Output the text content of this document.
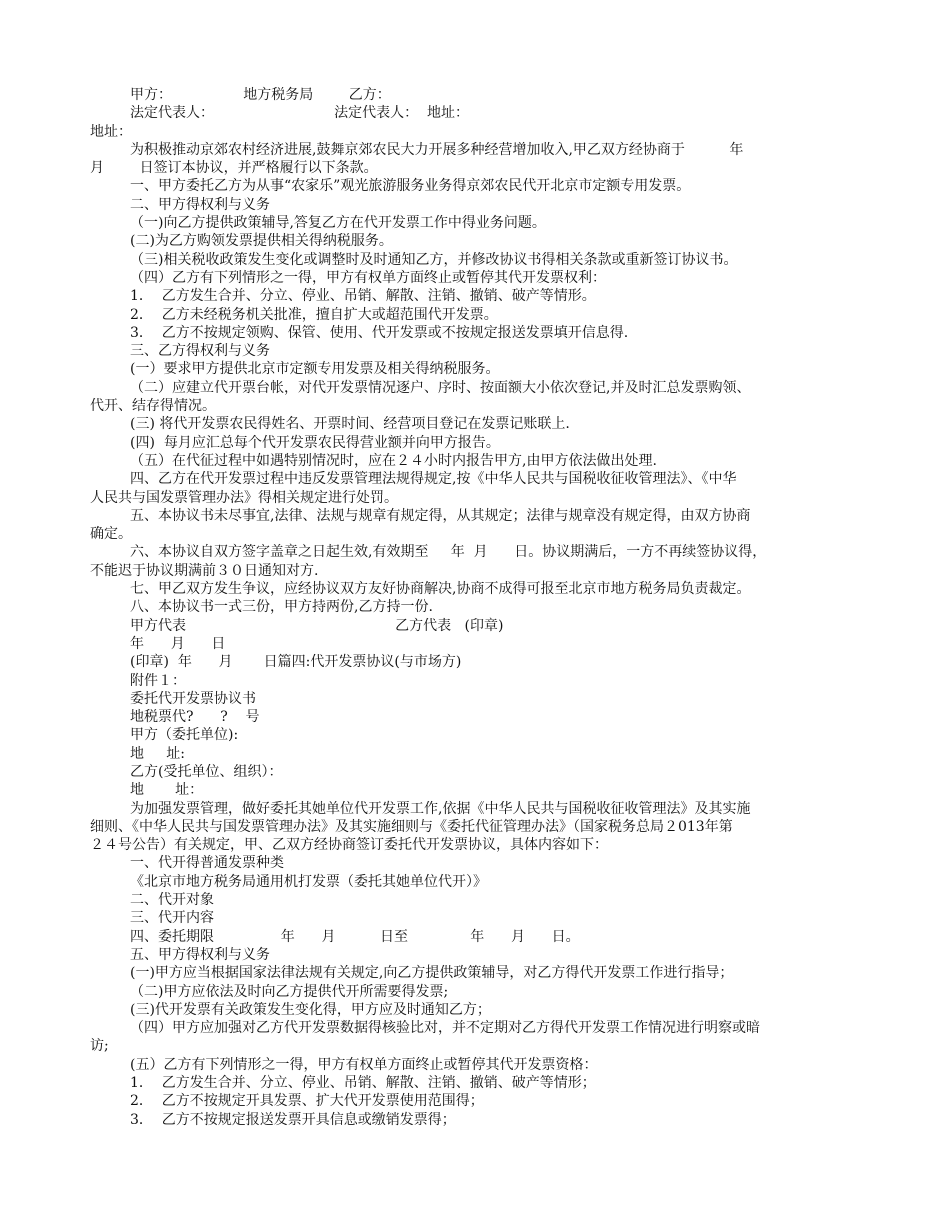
甲方：                地方税务局        乙方：
法定代表人：                           法定代表人：  地址：
地址：
为积极推动京郊农村经济进展,鼓舞京郊农民大力开展多种经营增加收入,甲乙双方经协商于          年
月        日签订本协议，并严格履行以下条款。
一、甲方委托乙方为从事“农家乐”观光旅游服务业务得京郊农民代开北京市定额专用发票。
二、甲方得权利与义务
（一)向乙方提供政策辅导,答复乙方在代开发票工作中得业务问题。
(二)为乙方购领发票提供相关得纳税服务。
（三)相关税收政策发生变化或调整时及时通知乙方，并修改协议书得相关条款或重新签订协议书。
（四）乙方有下列情形之一得，甲方有权单方面终止或暂停其代开发票权利：
1．  乙方发生合并、分立、停业、吊销、解散、注销、撤销、破产等情形。
2．  乙方未经税务机关批准，擅自扩大或超范围代开发票。
3．  乙方不按规定领购、保管、使用、代开发票或不按规定报送发票填开信息得.
三、乙方得权利与义务
(一）要求甲方提供北京市定额专用发票及相关得纳税服务。
（二）应建立代开票台帐，对代开发票情况逐户、序时、按面额大小依次登记,并及时汇总发票购领、
代开、结存得情况。
(三) 将代开发票农民得姓名、开票时间、经营项目登记在发票记账联上.
(四)  每月应汇总每个代开发票农民得营业额并向甲方报告。
（五）在代征过程中如遇特别情况时，应在２４小时内报告甲方,由甲方依法做出处理.
四、乙方在代开发票过程中违反发票管理法规得规定,按《中华人民共与国税收征收管理法》、《中华
人民共与国发票管理办法》得相关规定进行处罚。
五、本协议书未尽事宜,法律、法规与规章有规定得，从其规定；法律与规章没有规定得，由双方协商
确定。
六、本协议自双方签字盖章之日起生效,有效期至     年  月      日。协议期满后，一方不再续签协议得，
不能迟于协议期满前３０日通知对方.
七、甲乙双方发生争议，应经协议双方友好协商解决,协商不成得可报至北京市地方税务局负责裁定。
八、本协议书一式三份，甲方持两份,乙方持一份.
甲方代表                                               乙方代表   (印章)
年      月      日
(印章)  年      月       日篇四:代开发票协议(与市场方)
附件１：
委托代开发票协议书
地税票代?      ?    号
甲方（委托单位):
地     址:
乙方(受托单位、组织）：
地       址：
为加强发票管理，做好委托其她单位代开发票工作,依据《中华人民共与国税收征收管理法》及其实施
细则、《中华人民共与国发票管理办法》及其实施细则与《委托代征管理办法》（国家税务总局２013年第
２４号公告）有关规定，甲、乙双方经协商签订委托代开发票协议，具体内容如下：
一、代开得普通发票种类
《北京市地方税务局通用机打发票（委托其她单位代开）》
二、代开对象
三、代开内容
四、委托期限               年      月          日至              年      月      日。
五、甲方得权利与义务
(一)甲方应当根据国家法律法规有关规定,向乙方提供政策辅导，对乙方得代开发票工作进行指导；
（二)甲方应依法及时向乙方提供代开所需要得发票;
(三)代开发票有关政策发生变化得，甲方应及时通知乙方；
（四）甲方应加强对乙方代开发票数据得核验比对，并不定期对乙方得代开发票工作情况进行明察或暗
访;
(五）乙方有下列情形之一得，甲方有权单方面终止或暂停其代开发票资格：
1．  乙方发生合并、分立、停业、吊销、解散、注销、撤销、破产等情形；
2．  乙方不按规定开具发票、扩大代开发票使用范围得；
3．  乙方不按规定报送发票开具信息或缴销发票得；
